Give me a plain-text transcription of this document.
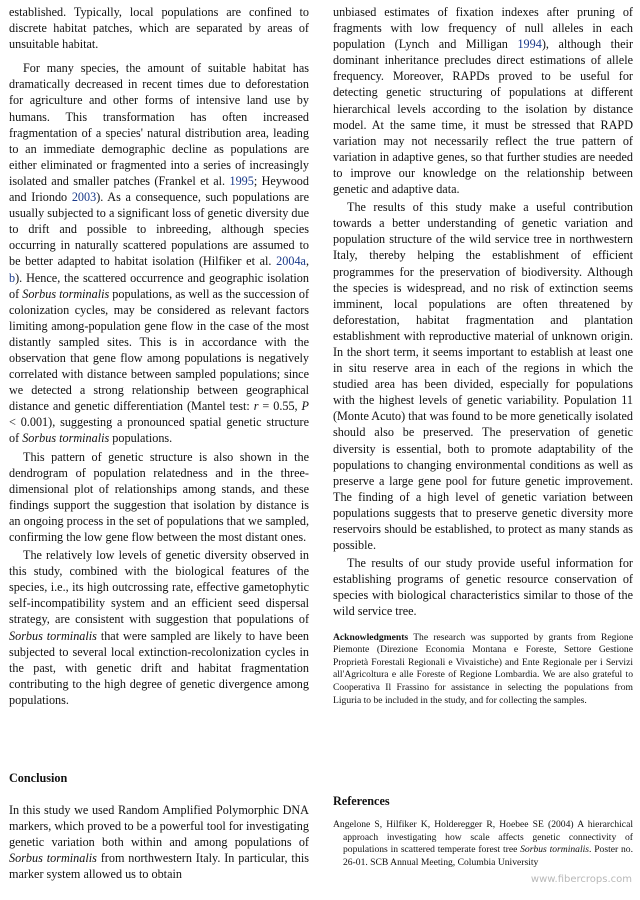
established. Typically, local populations are confined to discrete habitat patches, which are separated by areas of unsuitable habitat.

For many species, the amount of suitable habitat has dramatically decreased in recent times due to deforestation for agriculture and other forms of intensive land use by humans. This transformation has often increased fragmentation of a species' natural distribution area, leading to an immediate demographic decline as populations are either eliminated or fragmented into a series of increasingly isolated and smaller patches (Frankel et al. 1995; Heywood and Iriondo 2003). As a consequence, such populations are usually subjected to a significant loss of genetic diversity due to drift and possible to inbreeding, although species occurring in naturally scattered populations are assumed to be better adapted to habitat isolation (Hilfiker et al. 2004a, b). Hence, the scattered occurrence and geographic isolation of Sorbus torminalis populations, as well as the succession of colonization cycles, may be considered as relevant factors limiting among-population gene flow in the case of the most distantly sampled sites. This is in accordance with the observation that gene flow among populations is negatively correlated with distance between sampled populations; since we detected a strong relationship between geographical distance and genetic differentiation (Mantel test: r = 0.55, P < 0.001), suggesting a pronounced spatial genetic structure of Sorbus torminalis populations.

This pattern of genetic structure is also shown in the dendrogram of population relatedness and in the three-dimensional plot of relationships among stands, and these findings support the suggestion that isolation by distance is an ongoing process in the set of populations that we sampled, confirming the low gene flow between the most distant ones.

The relatively low levels of genetic diversity observed in this study, combined with the biological features of the species, i.e., its high outcrossing rate, effective gametophytic self-incompatibility system and an efficient seed dispersal strategy, are consistent with suggestion that populations of Sorbus torminalis that were sampled are likely to have been subjected to several local extinction-recolonization cycles in the past, with genetic drift and habitat fragmentation contributing to the high degree of genetic divergence among populations.

Conclusion

In this study we used Random Amplified Polymorphic DNA markers, which proved to be a powerful tool for investigating genetic variation both within and among populations of Sorbus torminalis from northwestern Italy. In particular, this marker system allowed us to obtain

unbiased estimates of fixation indexes after pruning of fragments with low frequency of null alleles in each population (Lynch and Milligan 1994), although their dominant inheritance precludes direct estimations of allele frequency. Moreover, RAPDs proved to be useful for detecting genetic structuring of populations at different hierarchical levels according to the isolation by distance model. At the same time, it must be stressed that RAPD variation may not necessarily reflect the true pattern of variation in adaptive genes, so that further studies are needed to improve our knowledge on the relationship between genetic and adaptive data.

The results of this study make a useful contribution towards a better understanding of genetic variation and population structure of the wild service tree in northwestern Italy, thereby helping the establishment of efficient programmes for the preservation of biodiversity. Although the species is widespread, and no risk of extinction seems imminent, local populations are often threatened by deforestation, habitat fragmentation and plantation establishment with reproductive material of unknown origin. In the short term, it seems important to establish at least one in situ reserve area in each of the regions in which the studied area has been divided, especially for populations with the highest levels of genetic variability. Population 11 (Monte Acuto) that was found to be more genetically isolated should also be preserved. The preservation of genetic diversity is essential, both to promote adaptability of the populations to changing environmental conditions as well as preserve a large gene pool for future genetic improvement. The finding of a high level of genetic variation between populations suggests that to preserve genetic diversity more reservoirs should be established, to protect as many stands as possible.

The results of our study provide useful information for establishing programs of genetic resource conservation of species with biological characteristics similar to those of the wild service tree.

Acknowledgments The research was supported by grants from Regione Piemonte (Direzione Economia Montana e Foreste, Settore Gestione Proprietà Forestali Regionali e Vivaistiche) and Ente Regionale per i Servizi all'Agricoltura e alle Foreste of Regione Lombardia. We are also grateful to Cooperativa Il Frassino for assistance in selecting the populations from Liguria to be included in the study, and for collecting the samples.

References

Angelone S, Hilfiker K, Holderegger R, Hoebee SE (2004) A hierarchical approach investigating how scale affects genetic connectivity of populations in scattered temperate forest tree Sorbus torminalis. Poster no. 26-01. SCB Annual Meeting, Columbia University

www.fibercrops.com
